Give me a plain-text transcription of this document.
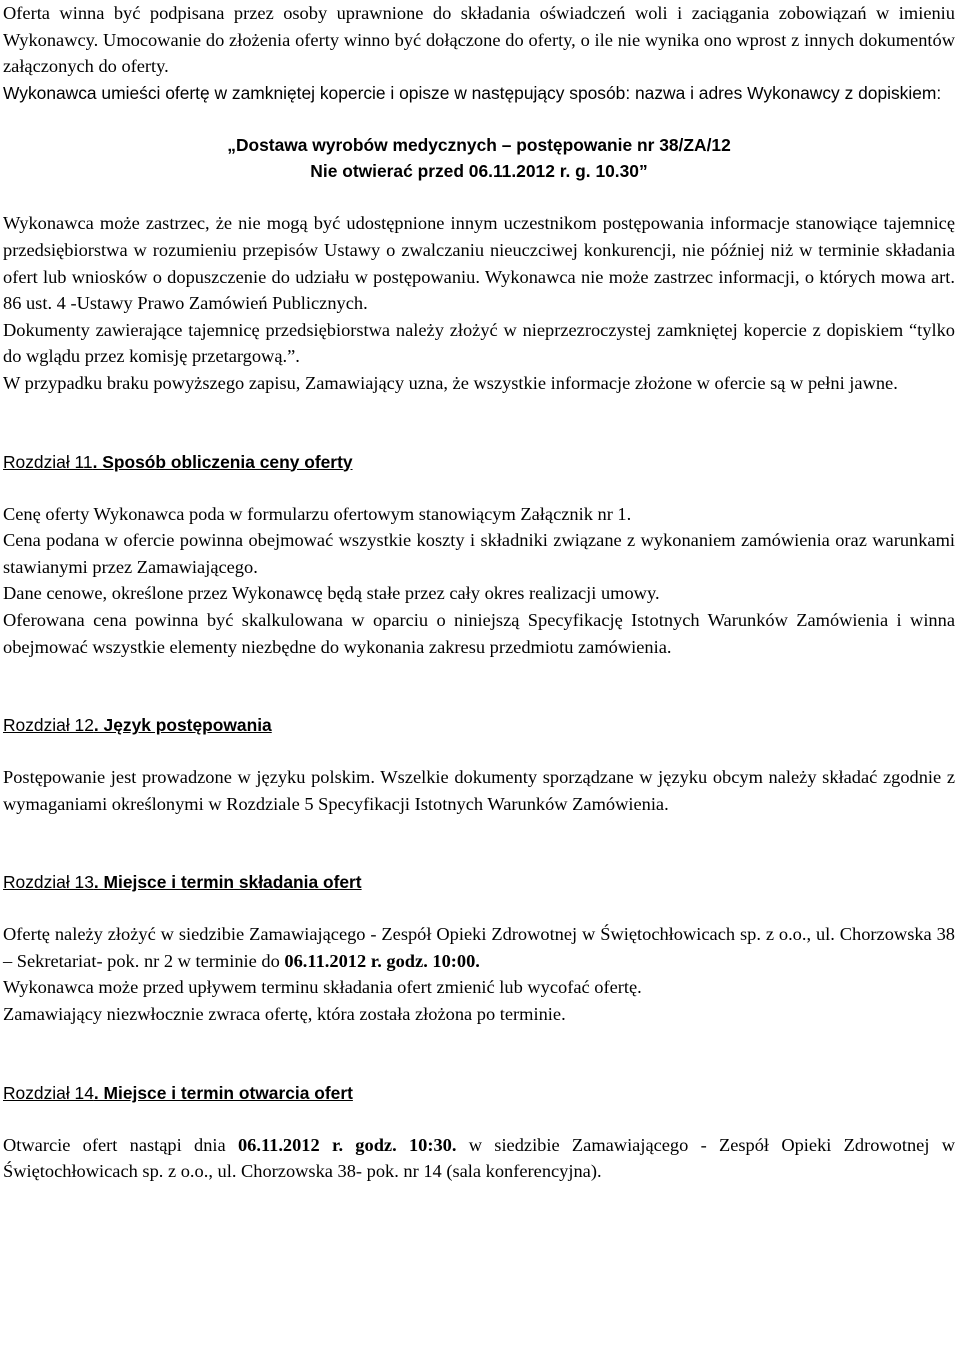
Oferta winna być podpisana przez osoby uprawnione do składania oświadczeń woli i zaciągania zobowiązań w imieniu Wykonawcy. Umocowanie do złożenia oferty winno być dołączone do oferty, o ile nie wynika ono wprost z innych dokumentów załączonych do oferty.

Wykonawca umieści ofertę w zamkniętej kopercie i opisze w następujący sposób: nazwa i adres Wykonawcy z dopiskiem:

„Dostawa wyrobów medycznych – postępowanie nr 38/ZA/12

Nie otwierać przed 06.11.2012 r. g. 10.30”

Wykonawca może zastrzec, że nie mogą być udostępnione innym uczestnikom postępowania informacje stanowiące tajemnicę przedsiębiorstwa w rozumieniu przepisów Ustawy o zwalczaniu nieuczciwej konkurencji, nie później niż w terminie składania ofert lub wniosków o dopuszczenie do udziału w postępowaniu. Wykonawca nie może zastrzec informacji, o których mowa art. 86 ust. 4 -Ustawy Prawo Zamówień Publicznych.

Dokumenty zawierające tajemnicę przedsiębiorstwa należy złożyć w nieprzezroczystej zamkniętej kopercie z dopiskiem “tylko do wglądu przez komisję przetargową.”.

W przypadku braku powyższego zapisu, Zamawiający uzna, że wszystkie informacje złożone w ofercie są w pełni jawne.

Rozdział 11. Sposób obliczenia ceny oferty

Cenę oferty Wykonawca poda w formularzu ofertowym stanowiącym Załącznik nr 1.

Cena podana w ofercie powinna obejmować wszystkie koszty i składniki związane z wykonaniem zamówienia oraz warunkami stawianymi przez Zamawiającego.

Dane cenowe, określone przez Wykonawcę będą stałe przez cały okres realizacji umowy.

Oferowana cena powinna być skalkulowana w oparciu o niniejszą Specyfikację Istotnych Warunków Zamówienia i winna obejmować wszystkie elementy niezbędne do wykonania zakresu przedmiotu zamówienia.

Rozdział 12. Język postępowania

Postępowanie jest prowadzone w języku polskim. Wszelkie dokumenty sporządzane w języku obcym należy składać zgodnie z wymaganiami określonymi w Rozdziale 5 Specyfikacji Istotnych Warunków Zamówienia.

Rozdział 13. Miejsce i termin składania ofert

Ofertę należy złożyć w siedzibie Zamawiającego - Zespół Opieki Zdrowotnej w Świętochłowicach sp. z o.o., ul. Chorzowska 38 – Sekretariat- pok. nr 2 w terminie do 06.11.2012 r. godz. 10:00.

Wykonawca może przed upływem terminu składania ofert zmienić lub wycofać ofertę.

Zamawiający niezwłocznie zwraca ofertę, która została złożona po terminie.

Rozdział 14. Miejsce i termin otwarcia ofert

Otwarcie ofert nastąpi dnia 06.11.2012 r. godz. 10:30. w siedzibie Zamawiającego - Zespół Opieki Zdrowotnej w Świętochłowicach sp. z o.o., ul. Chorzowska 38- pok. nr 14 (sala konferencyjna).
